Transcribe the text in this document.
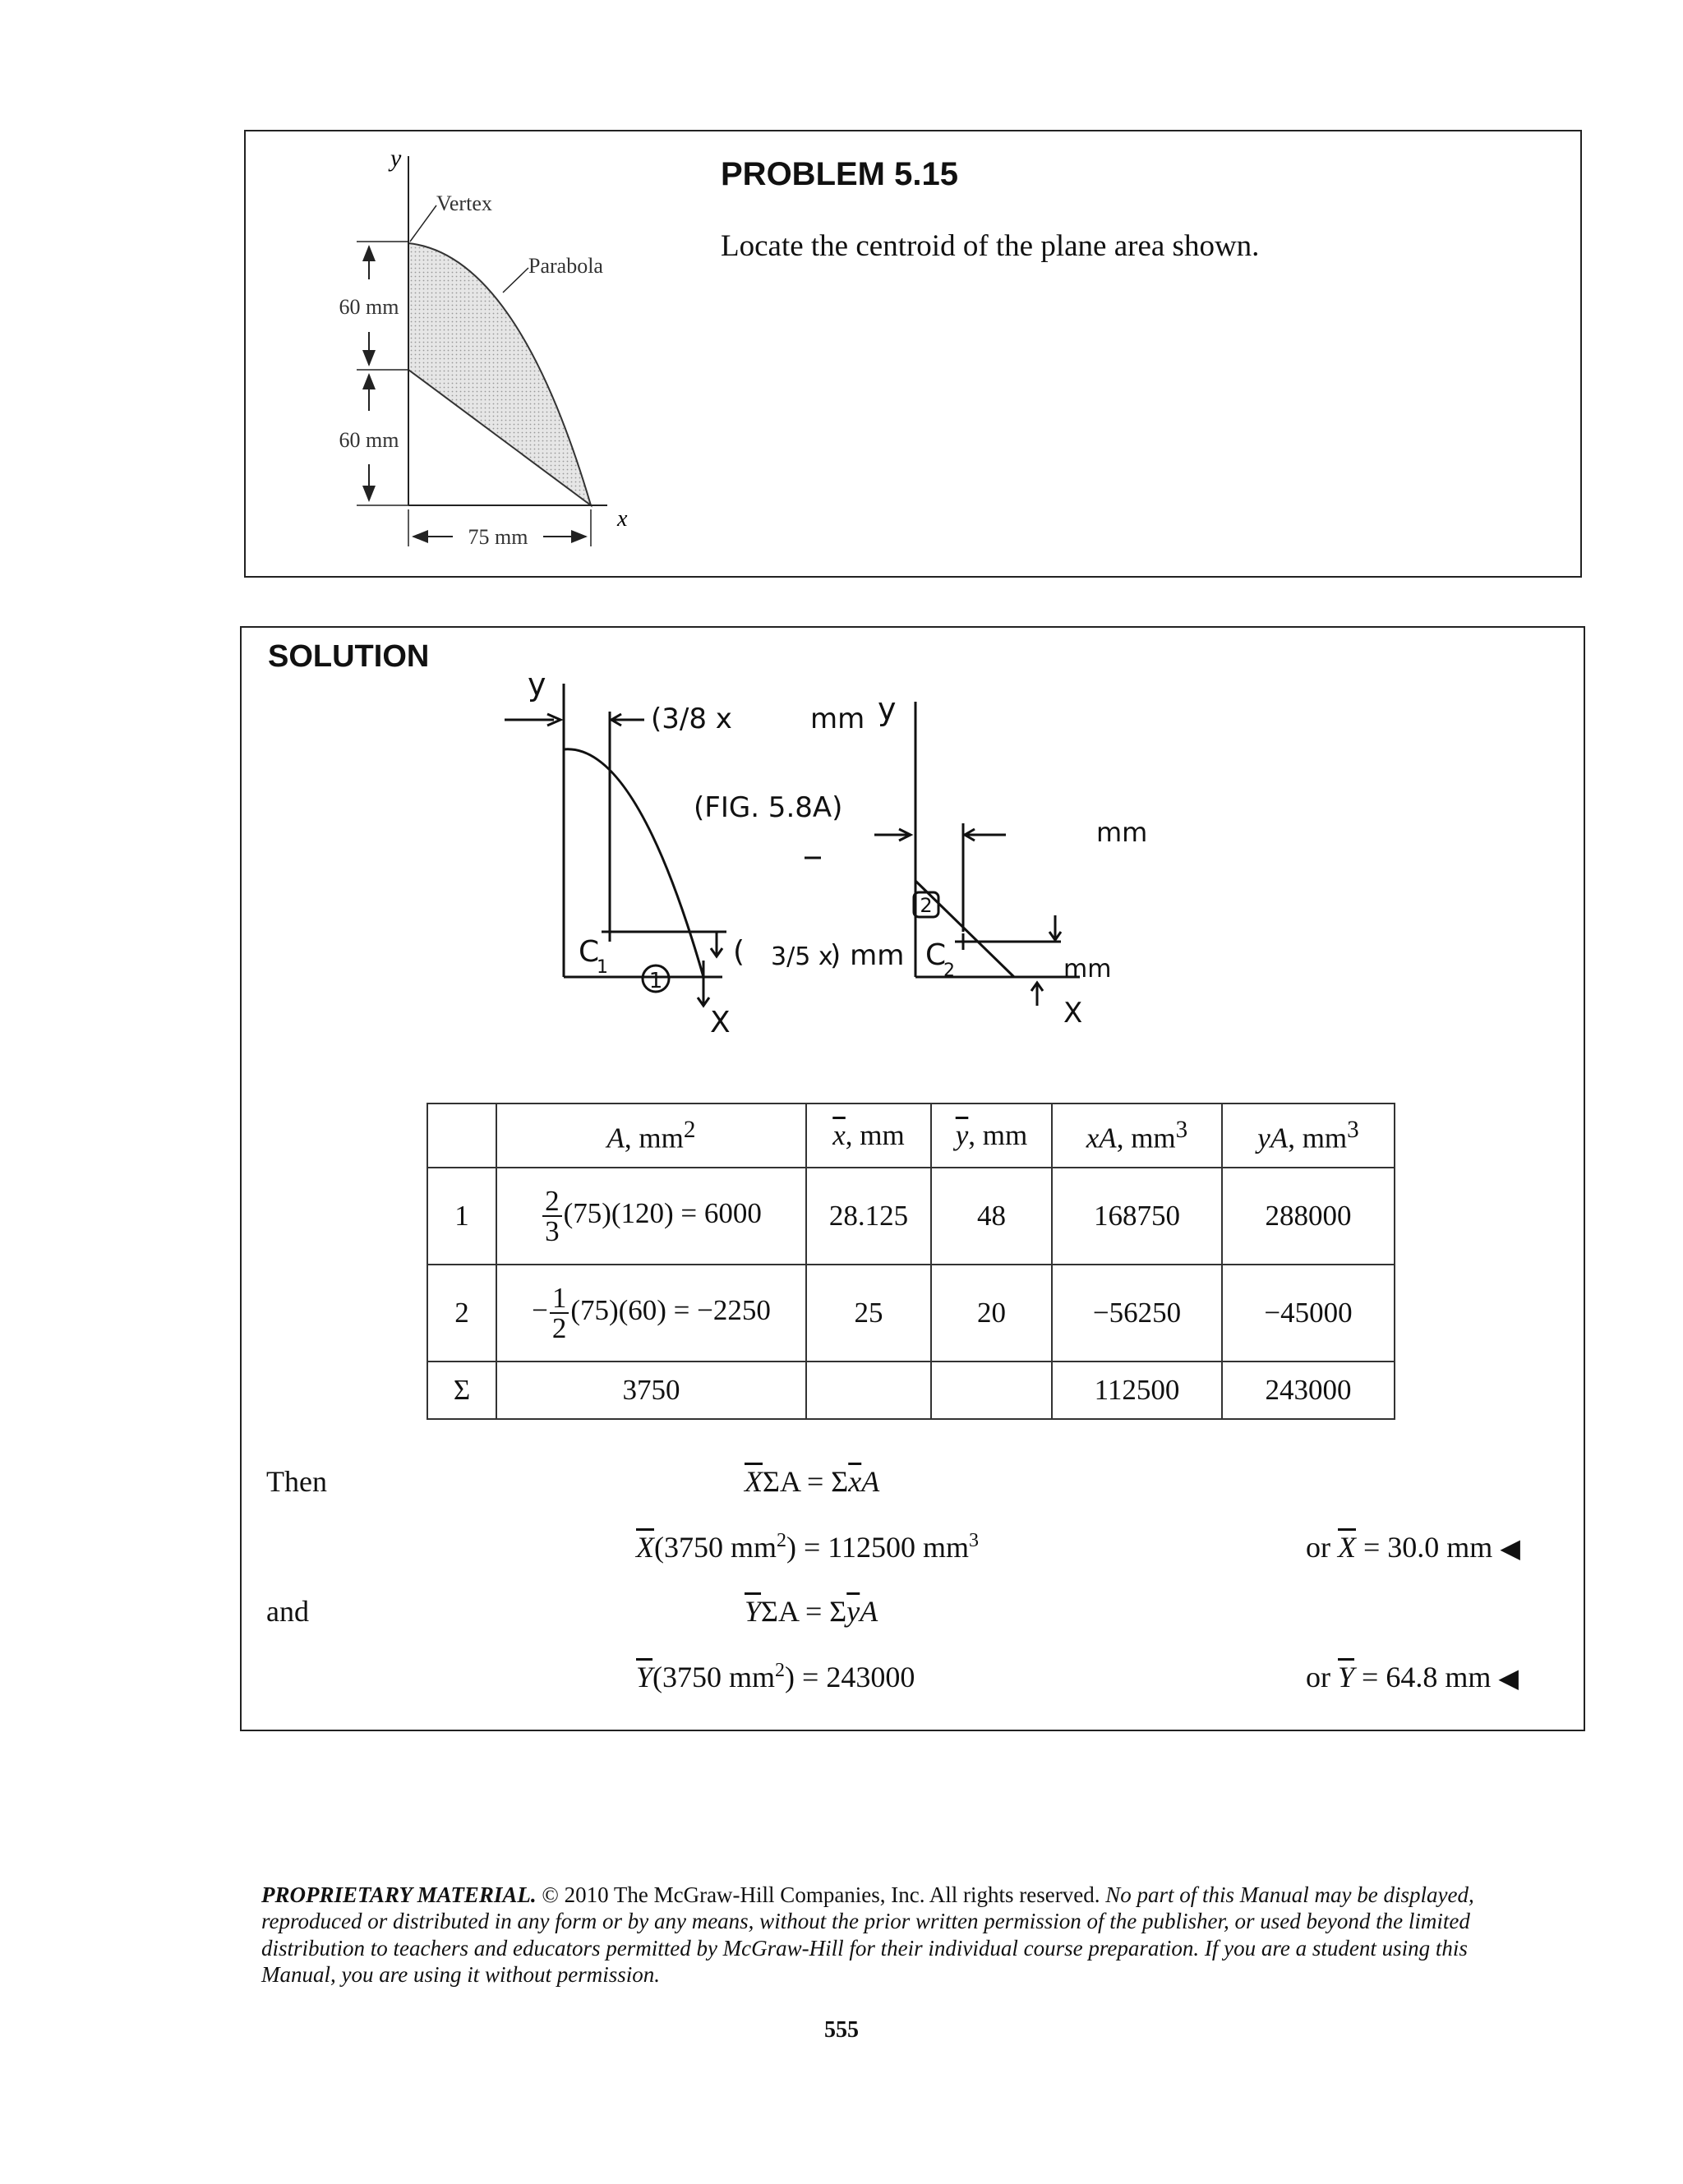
y
x
Vertex
Parabola
60 mm
60 mm
75 mm
PROBLEM 5.15
Locate the centroid of the plane area shown.
SOLUTION
y
(3/8 x	mm
(FIG. 5.8A)
C
1
1
( 3/5 x
) mm
X
y
mm
2
C
2	mm
X
	A, $mm^2$	$\overline{x}$, mm	$\overline{y}$, mm	xA, $mm^3$	yA, $mm^3$
1	$\frac{2}{3} (75)(120) = 6000$	28.125	48	168750	288000
2	− $\frac{1}{2} (75)(60) = -2250$	25	20	−56250	−45000
Σ	3750			112500	243000
Then	$\overline{X}\Sigma A = \Sigma\overline{x}A$
$\overline{X}(3750$ $mm^2) = 112500$ $mm^3$	or $\overline{X} = 30.0$ mm ◀
and	$\overline{Y}\Sigma A = \Sigma\overline{y}A$
$\overline{Y}(3750$ $mm^2) = 243000$	or $\overline{Y} = 64.8$ mm ◀
PROPRIETARY MATERIAL. © 2010 The McGraw-Hill Companies, Inc. All rights reserved. No part of this Manual may be displayed, reproduced or distributed in any form or by any means, without the prior written permission of the publisher, or used beyond the limited distribution to teachers and educators permitted by McGraw-Hill for their individual course preparation. If you are a student using this Manual, you are using it without permission.
555
